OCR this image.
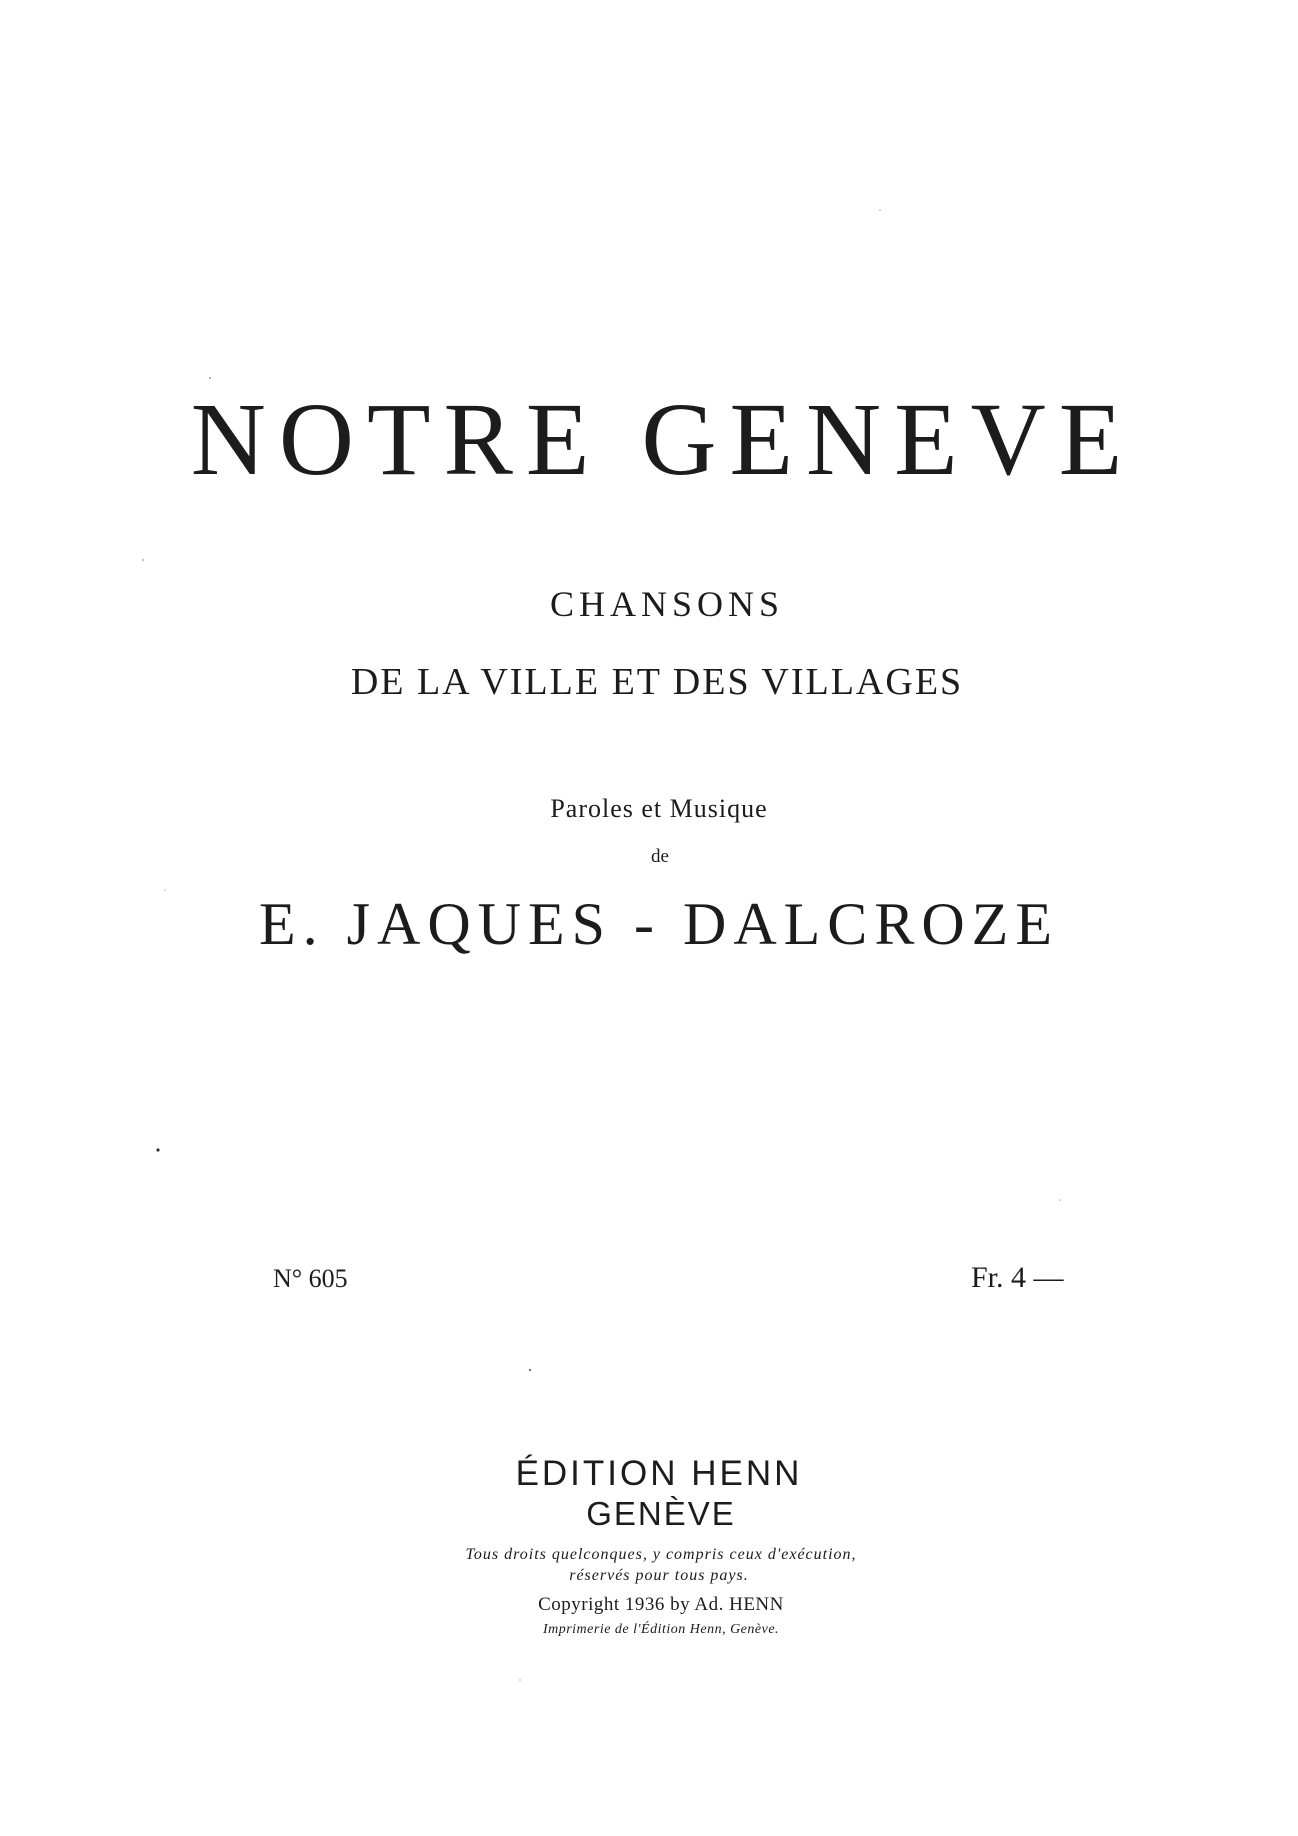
NOTRE GENEVE
CHANSONS
DE LA VILLE ET DES VILLAGES
Paroles et Musique
de
E. JAQUES - DALCROZE
N° 605	Fr. 4 —
ÉDITION HENN
GENÈVE
Tous droits quelconques, y compris ceux d'exécution,
réservés pour tous pays.
Copyright 1936 by Ad. HENN
Imprimerie de l'Édition Henn, Genève.
